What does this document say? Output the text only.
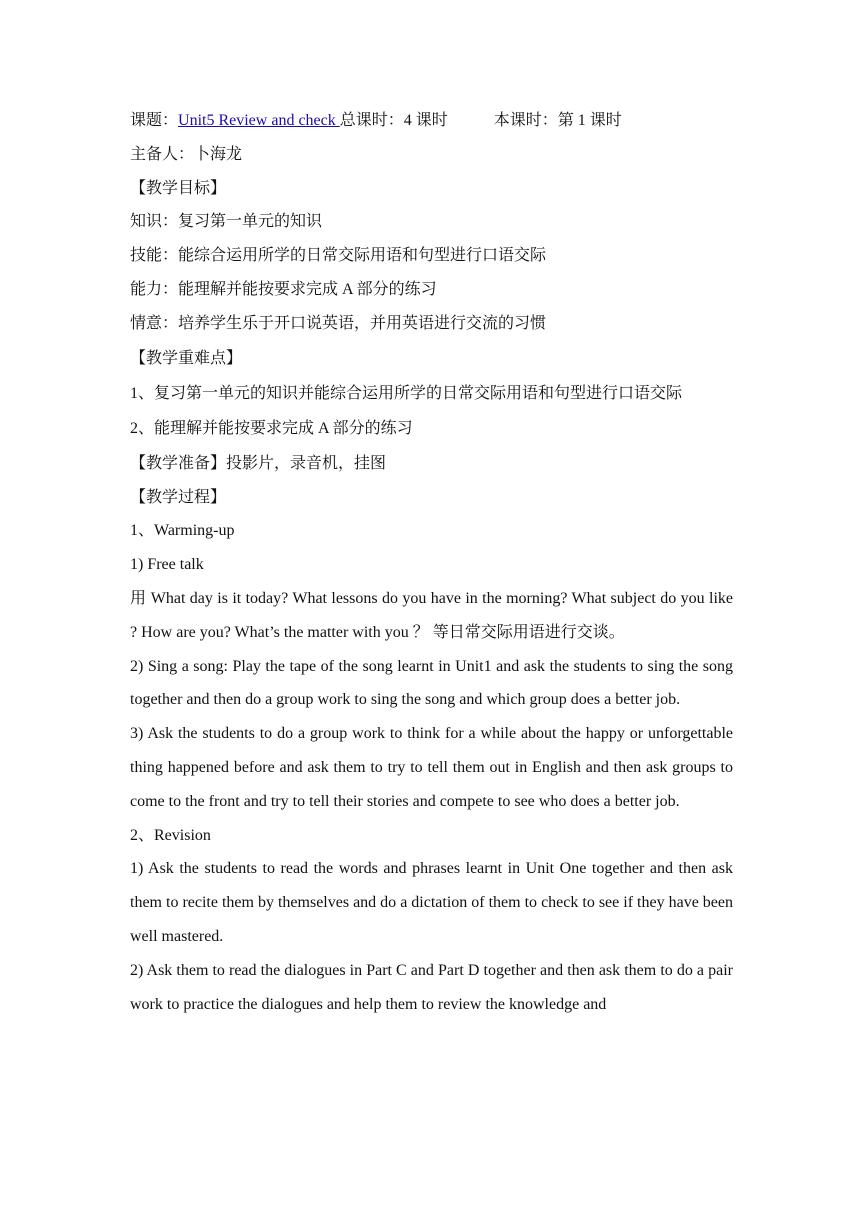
课题：Unit5 Review and check 总课时：4 课时	本课时：第 1 课时
主备人：卜海龙
【教学目标】
知识：复习第一单元的知识
技能：能综合运用所学的日常交际用语和句型进行口语交际
能力：能理解并能按要求完成 A 部分的练习
情意：培养学生乐于开口说英语，并用英语进行交流的习惯
【教学重难点】
1、复习第一单元的知识并能综合运用所学的日常交际用语和句型进行口语交际
2、能理解并能按要求完成 A 部分的练习
【教学准备】投影片，录音机，挂图
【教学过程】
1、Warming-up
1) Free talk
用 What day is it today? What lessons do you have in the morning? What subject do you like ? How are you? What’s the matter with you ？ 等日常交际用语进行交谈。
2) Sing a song: Play the tape of the song learnt in Unit1 and ask the students to sing the song together and then do a group work to sing the song and which group does a better job.
3) Ask the students to do a group work to think for a while about the happy or unforgettable thing happened before and ask them to try to tell them out in English and then ask groups to come to the front and try to tell their stories and compete to see who does a better job.
2、Revision
1) Ask the students to read the words and phrases learnt in Unit One together and then ask them to recite them by themselves and do a dictation of them to check to see if they have been well mastered.
2) Ask them to read the dialogues in Part C and Part D together and then ask them to do a pair work to practice the dialogues and help them to review the knowledge and
